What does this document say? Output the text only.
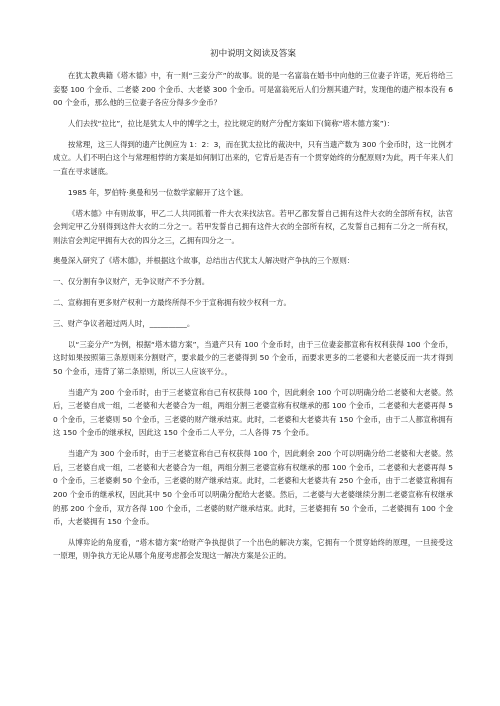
初中说明文阅读及答案

在犹太教典籍《塔木德》中，有一则“三妾分产”的故事。说的是一名富翁在婚书中向他的三位妻子许诺，死后将给三妾娶 100 个金币、二老婆 200 个金币、大老婆 300 个金币。可是富翁死后人们分割其遗产时，发现他的遗产根本没有 600 个金币，那么他的三位妻子各应分得多少金币？

人们去找“拉比”，拉比是犹太人中的博学之士，拉比规定的财产分配方案如下(简称“塔木德方案”)：

按常理，这三人得到的遗产比例应为 1：2：3，而在犹太拉比的裁决中，只有当遗产数为 300 个金币时，这一比例才成立。人们不明白这个与常理相悖的方案是如何制订出来的，它背后是否有一个贯穿始终的分配原则?为此，两千年来人们一直在寻求谜底。

1985 年，罗伯特·奥曼和另一位数学家解开了这个谜。

《塔木德》中有则故事，甲乙二人共同抓着一件大衣来找法官。若甲乙都发誓自己拥有这件大衣的全部所有权，法官会判定甲乙分别得到这件大衣的二分之一。若甲发誓自己拥有这件大衣的全部所有权，乙发誓自己拥有二分之一所有权，则法官会判定甲拥有大衣的四分之三，乙拥有四分之一。

奥曼深入研究了《塔木德》，并根据这个故事，总结出古代犹太人解决财产争执的三个原则：

一、仅分割有争议财产，无争议财产不予分割。

二、宣称拥有更多财产权利一方最终所得不少于宣称拥有较少权利一方。

三、财产争议者超过两人时，__________。

以“三妾分产”为例，根据“塔木德方案”，当遗产只有 100 个金币时，由于三位妻妾都宣称有权利获得 100 个金币，这时如果按照第三条原则来分割财产，要求最少的三老婆得到 50 个金币，而要求更多的二老婆和大老婆反而一共才得到 50 个金币，违背了第二条原则，所以三人应该平分。，

当遗产为 200 个金币时，由于三老婆宣称自己有权获得 100 个，因此剩余 100 个可以明确分给二老婆和大老婆。然后，三老婆自成一组，二老婆和大老婆合为一组，两组分割三老婆宣称有权继承的那 100 个金币，二老婆和大老婆再得 50 个金币，三老婆则 50 个金币，三老婆的财产继承结束。此时，二老婆和大老婆共有 150 个金币，由于二人都宣称拥有这 150 个金币的继承权，因此这 150 个金币二人平分，二人各得 75 个金币。

当遗产为 300 个金币时，由于三老婆宣称自己有权获得 100 个，因此剩余 200 个可以明确分给二老婆和大老婆。然后，三老婆自成一组，二老婆和大老婆合为一组，两组分割三老婆宣称有权继承的那 100 个金币，二老婆和大老婆再得 50 个金币，三老婆剩 50 个金币，三老婆的财产继承结束。此时，二老婆和大老婆共有 250 个金币，由于二老婆宣称拥有 200 个金币的继承权，因此其中 50 个金币可以明确分配给大老婆。然后，二老婆与大老婆继续分割二老婆宣称有权继承的那 200 个金币，双方各得 100 个金币，二老婆的财产继承结束。此时，三老婆拥有 50 个金币，二老婆拥有 100 个金币，大老婆拥有 150 个金币。

从博弈论的角度看，“塔木德方案”给财产争执提供了一个出色的解决方案，它拥有一个贯穿始终的原理，一旦接受这一原理，则争执方无论从哪个角度考虑都会发现这一解决方案是公正的。
